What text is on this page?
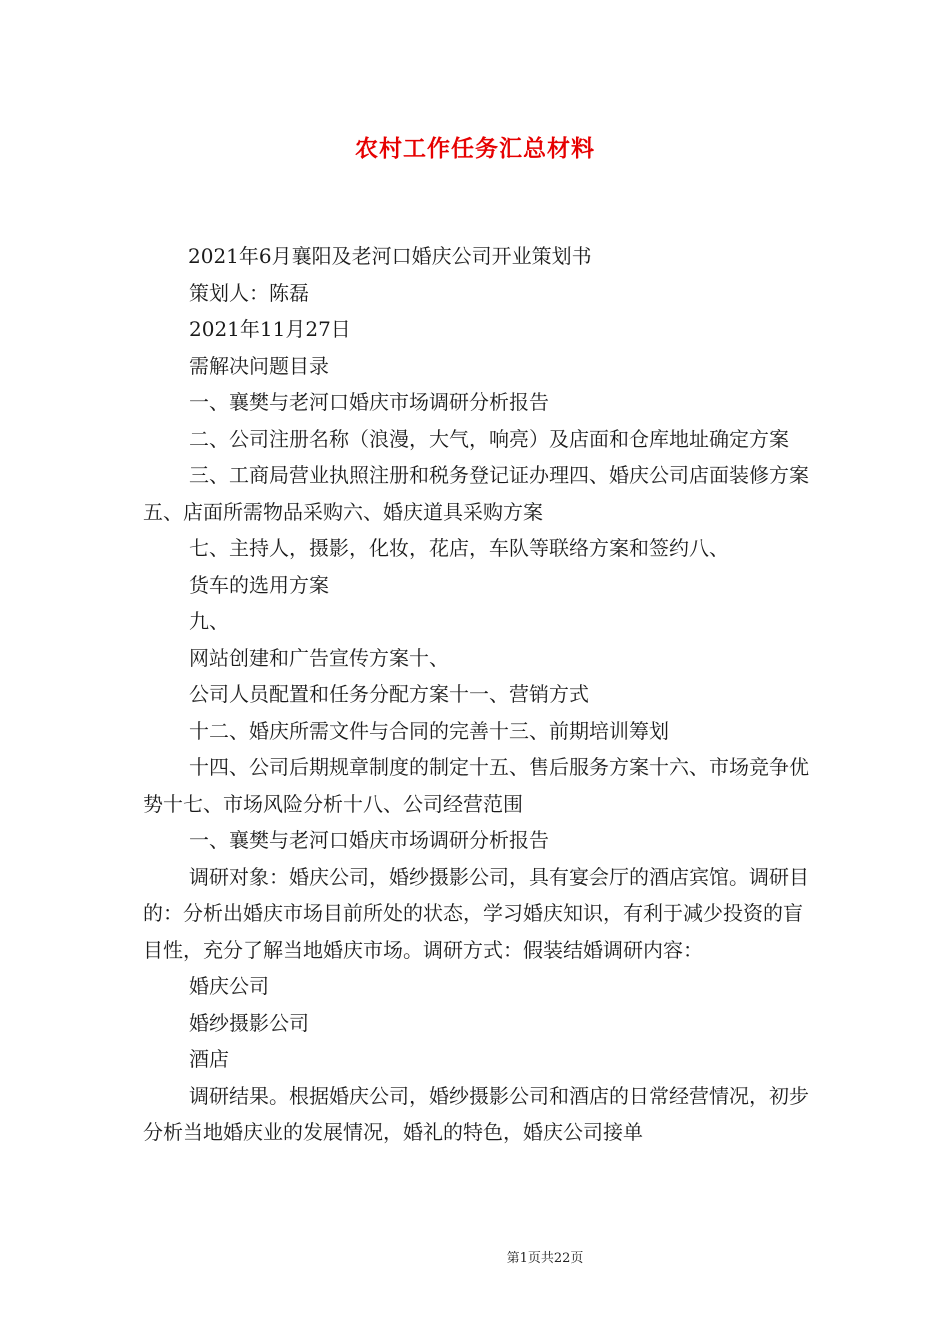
农村工作任务汇总材料

2021年6月襄阳及老河口婚庆公司开业策划书

策划人：陈磊

2021年11月27日

需解决问题目录

一、襄樊与老河口婚庆市场调研分析报告

二、公司注册名称（浪漫，大气，响亮）及店面和仓库地址确定方案

三、工商局营业执照注册和税务登记证办理四、婚庆公司店面装修方案五、店面所需物品采购六、婚庆道具采购方案

七、主持人，摄影，化妆，花店，车队等联络方案和签约八、

货车的选用方案

九、

网站创建和广告宣传方案十、

公司人员配置和任务分配方案十一、营销方式

十二、婚庆所需文件与合同的完善十三、前期培训筹划

十四、公司后期规章制度的制定十五、售后服务方案十六、市场竞争优势十七、市场风险分析十八、公司经营范围

一、襄樊与老河口婚庆市场调研分析报告

调研对象：婚庆公司，婚纱摄影公司，具有宴会厅的酒店宾馆。调研目的：分析出婚庆市场目前所处的状态，学习婚庆知识，有利于减少投资的盲目性，充分了解当地婚庆市场。调研方式：假装结婚调研内容：

婚庆公司

婚纱摄影公司

酒店

调研结果。根据婚庆公司，婚纱摄影公司和酒店的日常经营情况，初步分析当地婚庆业的发展情况，婚礼的特色，婚庆公司接单

第1页共22页
